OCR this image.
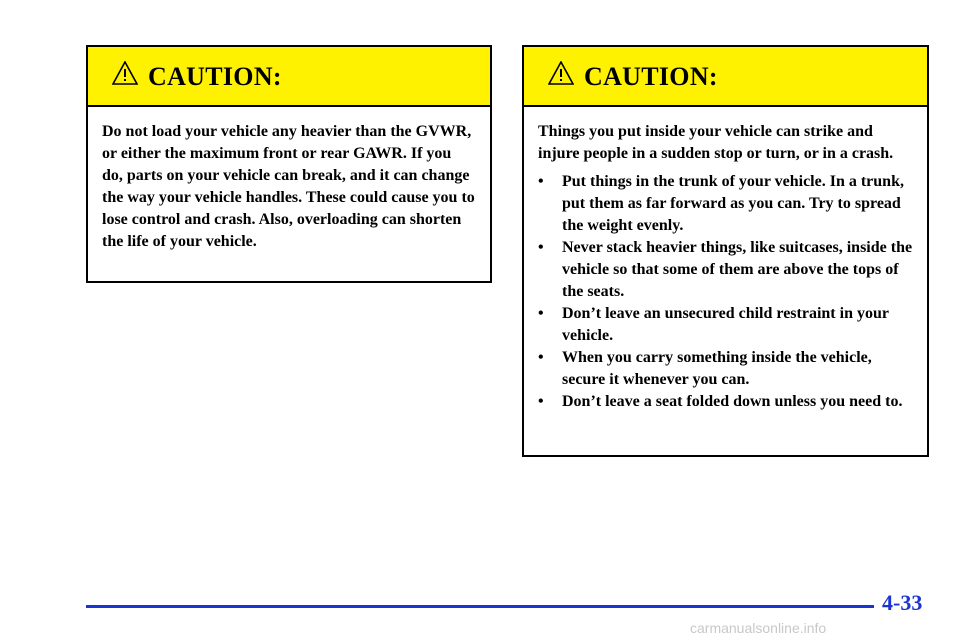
CAUTION:

Do not load your vehicle any heavier than the GVWR, or either the maximum front or rear GAWR. If you do, parts on your vehicle can break, and it can change the way your vehicle handles. These could cause you to lose control and crash. Also, overloading can shorten the life of your vehicle.

CAUTION:

Things you put inside your vehicle can strike and injure people in a sudden stop or turn, or in a crash.

• Put things in the trunk of your vehicle. In a trunk, put them as far forward as you can. Try to spread the weight evenly.
• Never stack heavier things, like suitcases, inside the vehicle so that some of them are above the tops of the seats.
• Don’t leave an unsecured child restraint in your vehicle.
• When you carry something inside the vehicle, secure it whenever you can.
• Don’t leave a seat folded down unless you need to.
4-33
carmanualsonline.info
